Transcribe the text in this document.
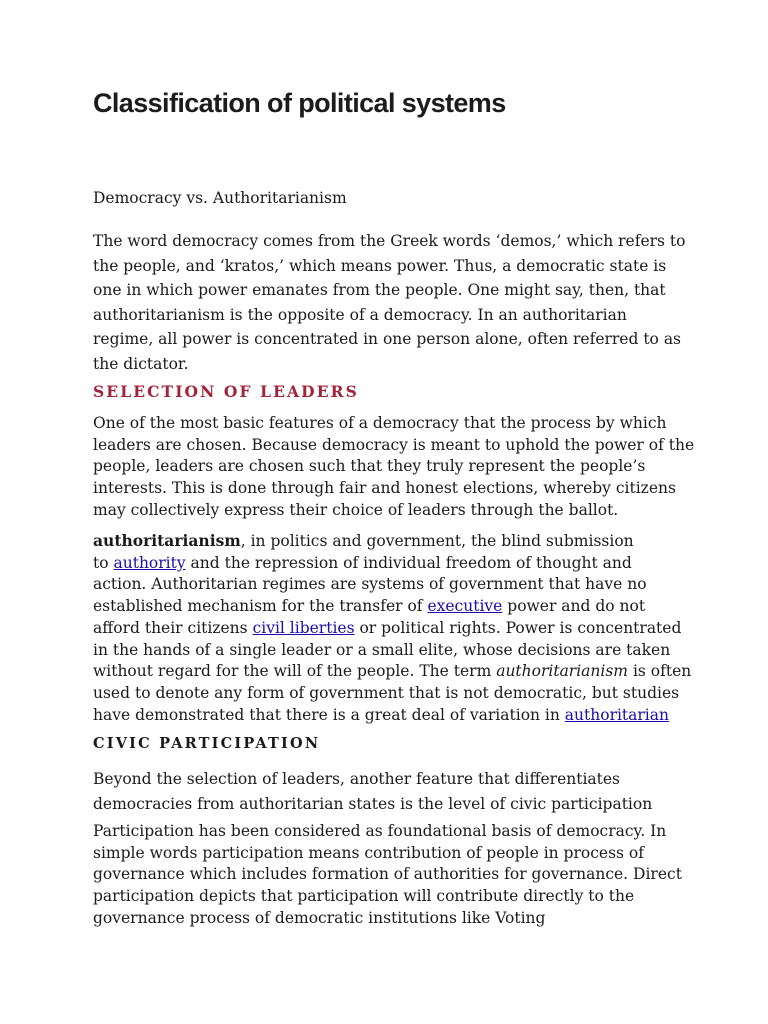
Classification of political systems
Democracy vs. Authoritarianism

The word democracy comes from the Greek words ‘demos,’ which refers to
the people, and ‘kratos,’ which means power. Thus, a democratic state is
one in which power emanates from the people. One might say, then, that
authoritarianism is the opposite of a democracy. In an authoritarian
regime, all power is concentrated in one person alone, often referred to as
the dictator.

SELECTION OF LEADERS

One of the most basic features of a democracy that the process by which
leaders are chosen. Because democracy is meant to uphold the power of the
people, leaders are chosen such that they truly represent the people’s
interests. This is done through fair and honest elections, whereby citizens
may collectively express their choice of leaders through the ballot.

authoritarianism, in politics and government, the blind submission
to authority and the repression of individual freedom of thought and
action. Authoritarian regimes are systems of government that have no
established mechanism for the transfer of executive power and do not
afford their citizens civil liberties or political rights. Power is concentrated
in the hands of a single leader or a small elite, whose decisions are taken
without regard for the will of the people. The term authoritarianism is often
used to denote any form of government that is not democratic, but studies
have demonstrated that there is a great deal of variation in authoritarian

CIVIC PARTICIPATION

Beyond the selection of leaders, another feature that differentiates
democracies from authoritarian states is the level of civic participation

Participation has been considered as foundational basis of democracy. In
simple words participation means contribution of people in process of
governance which includes formation of authorities for governance. Direct
participation depicts that participation will contribute directly to the
governance process of democratic institutions like Voting
